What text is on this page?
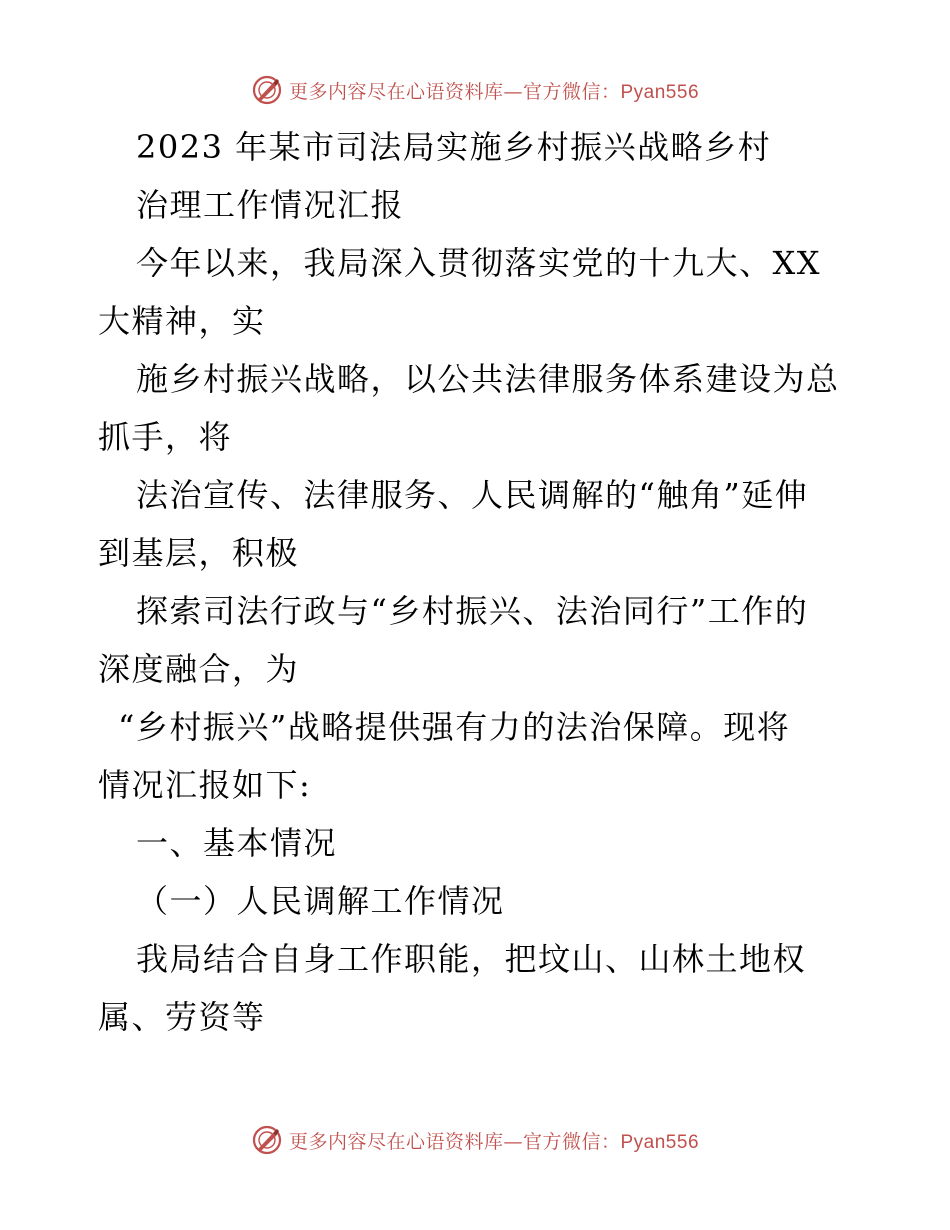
更多内容尽在心语资料库—官方微信：Pyan556
2023 年某市司法局实施乡村振兴战略乡村
治理工作情况汇报
今年以来，我局深入贯彻落实党的十九大、XX
大精神，实
施乡村振兴战略，以公共法律服务体系建设为总
抓手，将
法治宣传、法律服务、人民调解的“触角”延伸
到基层，积极
探索司法行政与“乡村振兴、法治同行”工作的
深度融合，为
“乡村振兴”战略提供强有力的法治保障。现将
情况汇报如下:
一、基本情况
（一）人民调解工作情况
我局结合自身工作职能，把坟山、山林土地权
属、劳资等
更多内容尽在心语资料库—官方微信：Pyan556
